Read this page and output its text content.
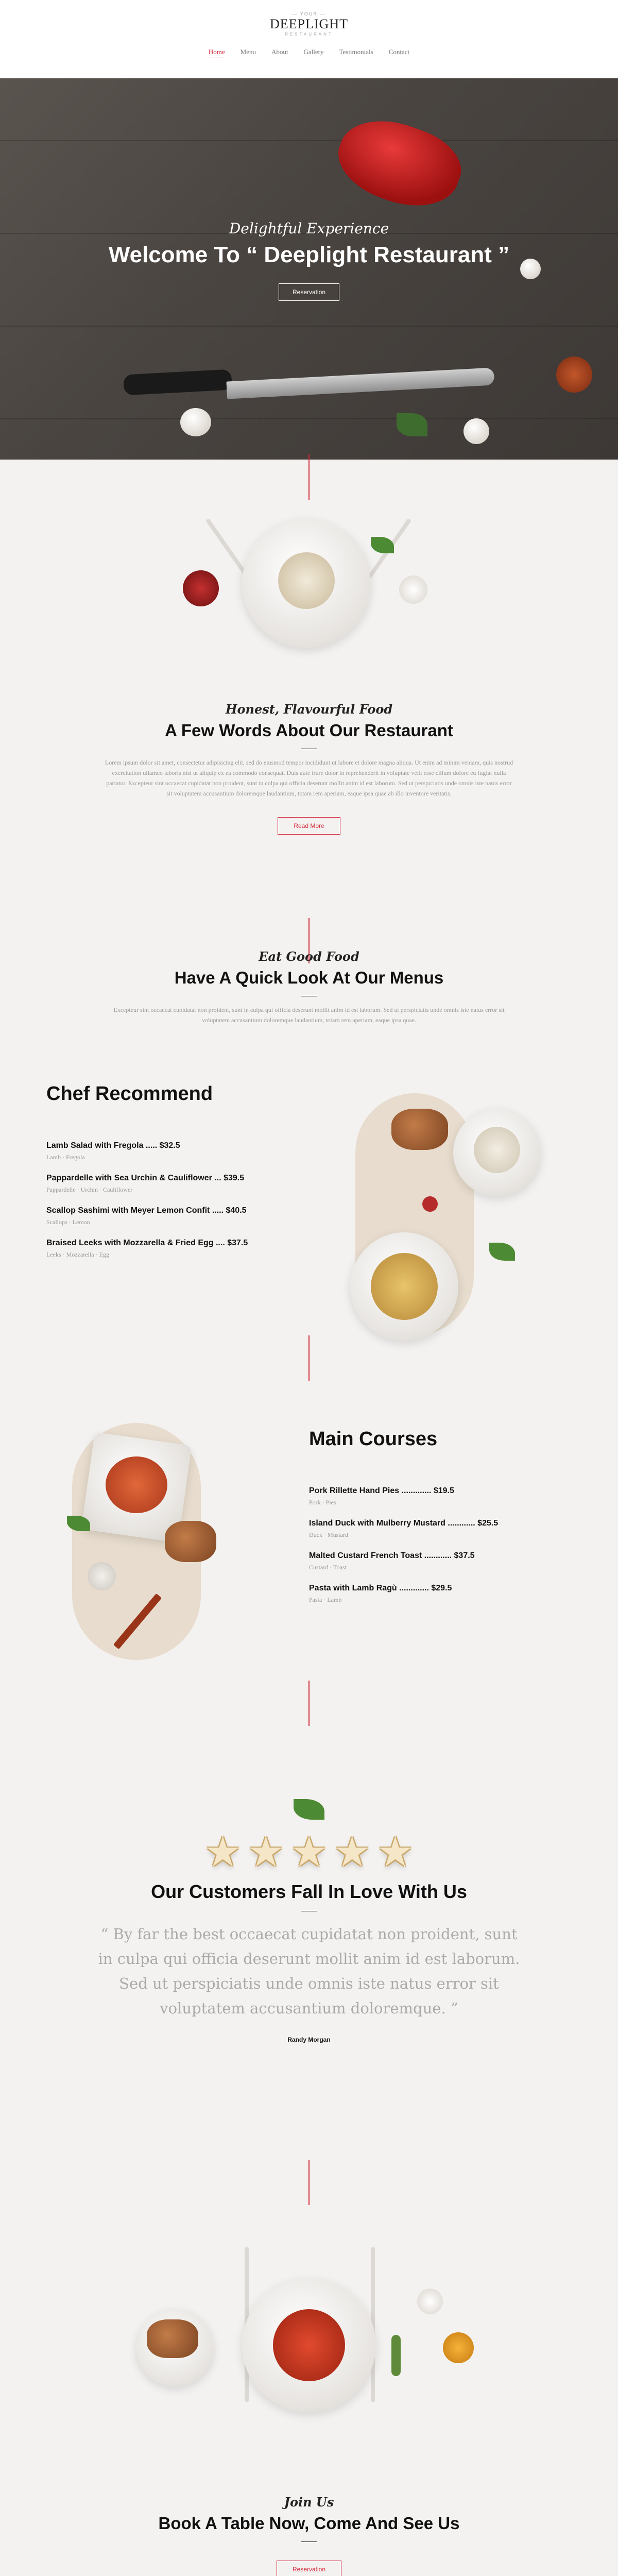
— YOUR —
DEEPLIGHT
RESTAURANT
Home Menu About Gallery Testimonials Contact
Delightful Experience
Welcome To “ Deeplight Restaurant ”
Reservation
Honest, Flavourful Food
A Few Words About Our Restaurant

Lorem ipsum dolor sit amet, consectetur adipisicing elit, sed do eiusmod tempor incididunt ut labore et dolore magna aliqua. Ut enim ad minim veniam, quis nostrud exercitation ullamco laboris nisi ut aliquip ex ea commodo consequat. Duis aute irure dolor in reprehenderit in voluptate velit esse cillum dolore eu fugiat nulla pariatur. Excepteur sint occaecat cupidatat non proident, sunt in culpa qui officia deserunt mollit anim id est laborum. Sed ut perspiciatis unde omnis iste natus error sit voluptatem accusantium doloremque laudantium, totam rem aperiam, eaque ipsa quae ab illo inventore veritatis.

Read More
Eat Good Food
Have A Quick Look At Our Menus

Excepteur sint occaecat cupidatat non proident, sunt in culpa qui officia deserunt mollit anim id est laborum. Sed ut perspiciatis unde omnis iste natus error sit voluptatem accusantium doloremque laudantium, totam rem aperiam, eaque ipsa quae.

Chef Recommend
Lamb Salad with Fregola ..... $32.5
Lamb · Fregola
Pappardelle with Sea Urchin & Cauliflower ... $39.5
Pappardelle · Urchin · Cauliflower
Scallop Sashimi with Meyer Lemon Confit ..... $40.5
Scallops · Lemon
Braised Leeks with Mozzarella & Fried Egg .... $37.5
Leeks · Mozzarella · Egg
Main Courses
Pork Rillette Hand Pies ............. $19.5
Pork · Pies
Island Duck with Mulberry Mustard ............ $25.5
Duck · Mustard
Malted Custard French Toast ............ $37.5
Custard · Toast
Pasta with Lamb Ragù ............. $29.5
Pasta · Lamb
★ ★ ★ ★ ★
Our Customers Fall In Love With Us

“ By far the best occaecat cupidatat non proident, sunt in culpa qui officia deserunt mollit anim id est laborum. Sed ut perspiciatis unde omnis iste natus error sit voluptatem accusantium doloremque. ”

Randy Morgan
Join Us
Book A Table Now, Come And See Us
Reservation
